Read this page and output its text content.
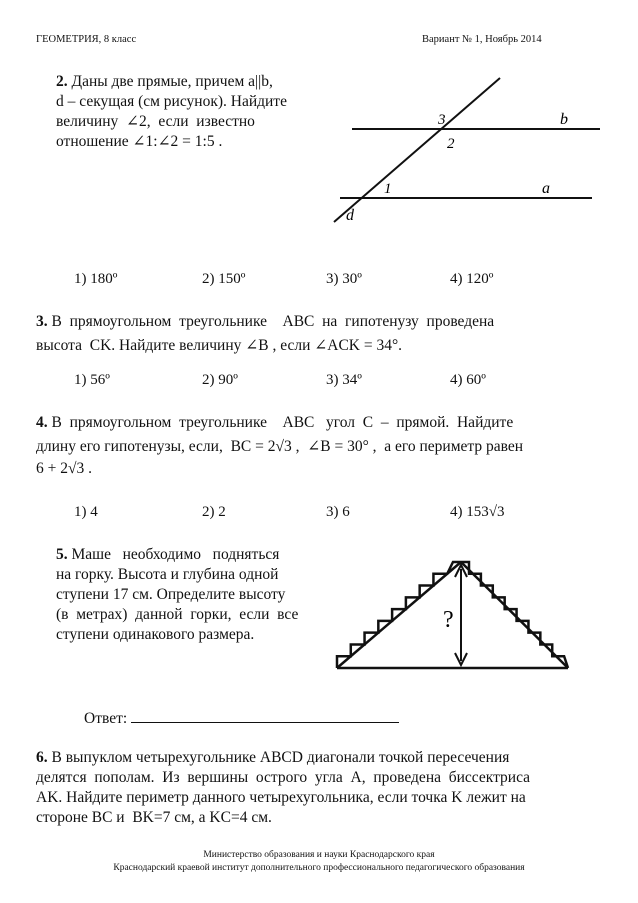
ГЕОМЕТРИЯ, 8 класс	Вариант № 1, Ноябрь 2014
2. Даны две прямые, причем a||b,
d – секущая (см рисунок). Найдите
величину  ∠2,  если  известно
отношение ∠1:∠2 = 1:5 .
b
a
d
1
2
3
1) 180º	2) 150º	3) 30º	4) 120º
3. В  прямоугольном  треугольнике    ABC  на  гипотенузу  проведена
высота  CK. Найдите величину ∠B , если ∠ACK = 34°.
1) 56º	2) 90º	3) 34º	4) 60º
4. В  прямоугольном  треугольнике    ABC   угол  C  –  прямой.  Найдите
длину его гипотенузы, если,  BC = 2√3 ,  ∠B = 30° ,  а его периметр равен
6 + 2√3 .
1) 4	2) 2	3) 6	4) 153√3
5. Маше   необходимо   подняться
на горку. Высота и глубина одной
ступени 17 см. Определите высоту
(в  метрах)  данной  горки,  если  все
ступени одинакового размера.
?
Ответ:
6. В выпуклом четырехугольнике ABCD диагонали точкой пересечения
делятся  пополам.  Из  вершины  острого  угла  A,  проведена  биссектриса
AK. Найдите периметр данного четырехугольника, если точка K лежит на
стороне BC и  BK=7 см, а KC=4 см.
Министерство образования и науки Краснодарского края
Краснодарский краевой институт дополнительного профессионального педагогического образования
